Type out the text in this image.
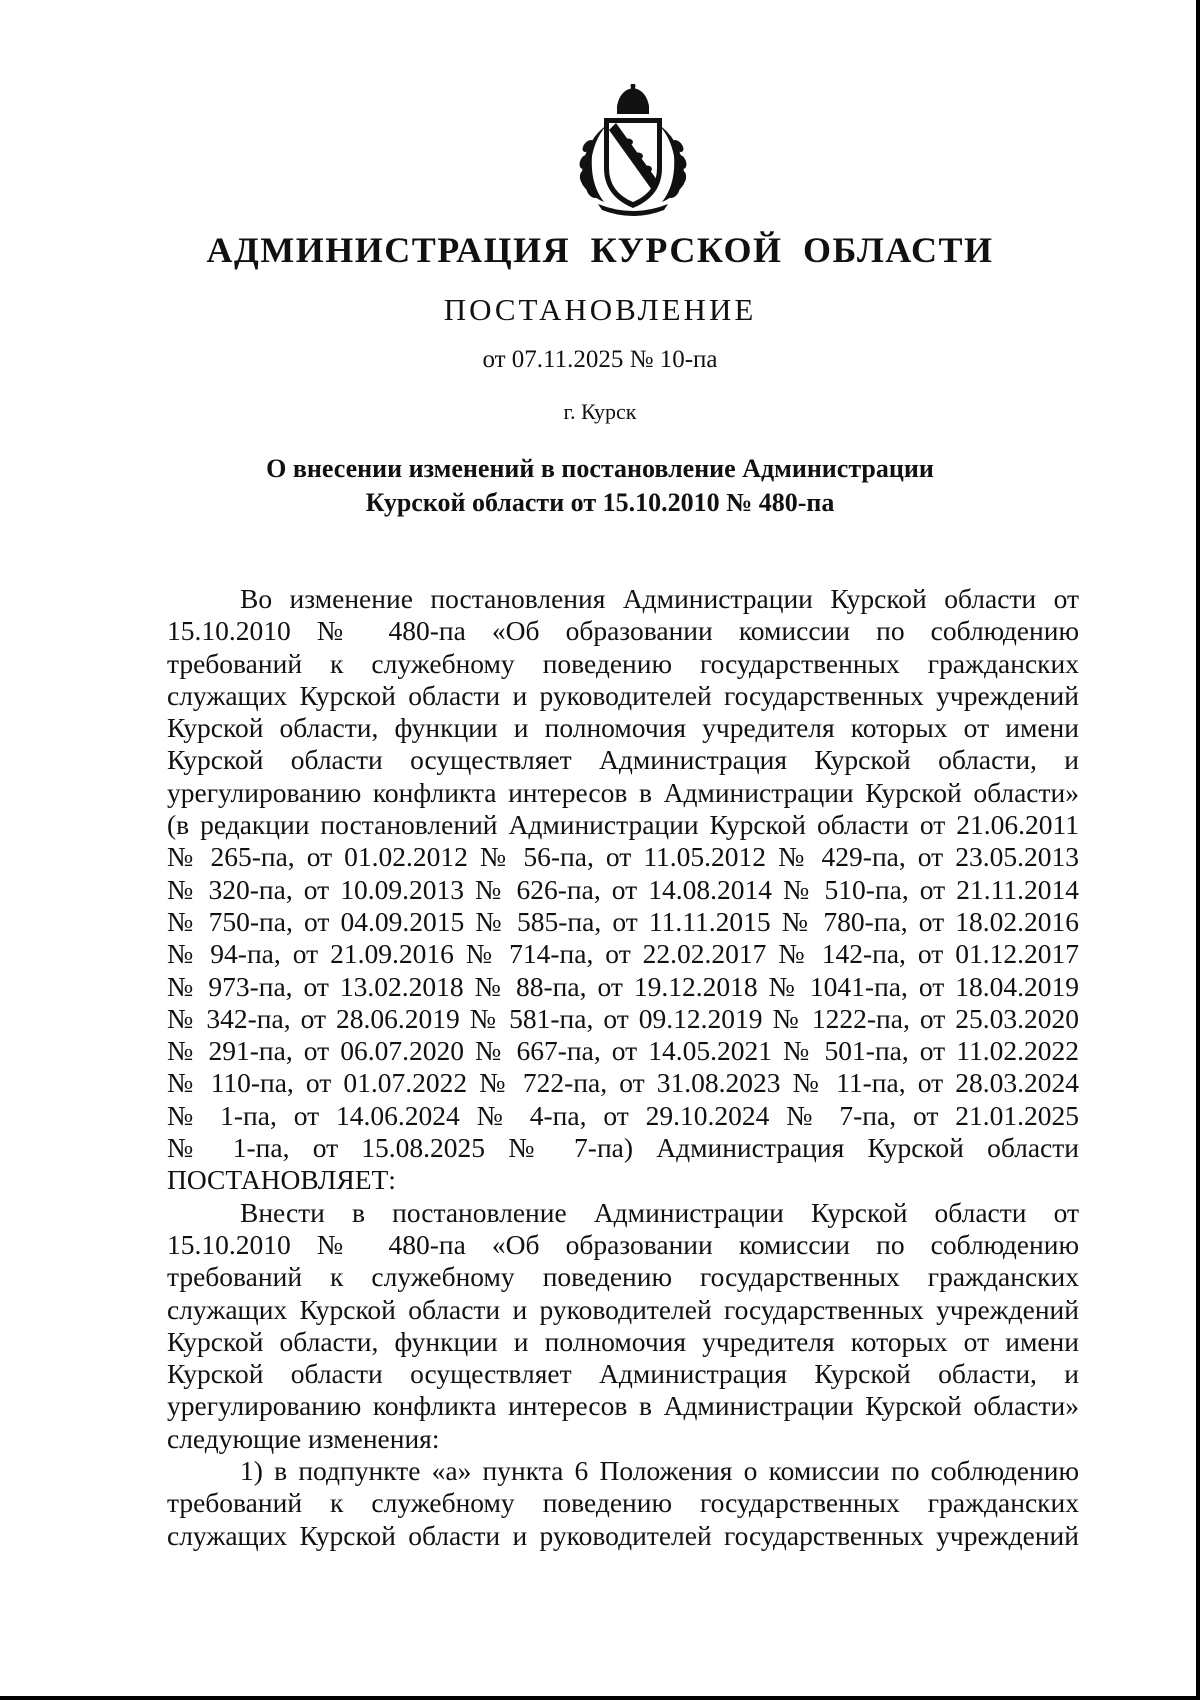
АДМИНИСТРАЦИЯ КУРСКОЙ ОБЛАСТИ
ПОСТАНОВЛЕНИЕ
от 07.11.2025 № 10-па
г. Курск
О внесении изменений в постановление Администрации
Курской области от 15.10.2010 № 480-па
Во изменение постановления Администрации Курской области от
15.10.2010 № 480-па «Об образовании комиссии по соблюдению
требований к служебному поведению государственных гражданских
служащих Курской области и руководителей государственных учреждений
Курской области, функции и полномочия учредителя которых от имени
Курской области осуществляет Администрация Курской области, и
урегулированию конфликта интересов в Администрации Курской области»
(в редакции постановлений Администрации Курской области от 21.06.2011
№ 265-па, от 01.02.2012 № 56-па, от 11.05.2012 № 429-па, от 23.05.2013
№ 320-па, от 10.09.2013 № 626-па, от 14.08.2014 № 510-па, от 21.11.2014
№ 750-па, от 04.09.2015 № 585-па, от 11.11.2015 № 780-па, от 18.02.2016
№ 94-па, от 21.09.2016 № 714-па, от 22.02.2017 № 142-па, от 01.12.2017
№ 973-па, от 13.02.2018 № 88-па, от 19.12.2018 № 1041-па, от 18.04.2019
№ 342-па, от 28.06.2019 № 581-па, от 09.12.2019 № 1222-па, от 25.03.2020
№ 291-па, от 06.07.2020 № 667-па, от 14.05.2021 № 501-па, от 11.02.2022
№ 110-па, от 01.07.2022 № 722-па, от 31.08.2023 № 11-па, от 28.03.2024
№ 1-па, от 14.06.2024 № 4-па, от 29.10.2024 № 7-па, от 21.01.2025
№ 1-па, от 15.08.2025 № 7-па) Администрация Курской области
ПОСТАНОВЛЯЕТ:
Внести в постановление Администрации Курской области от
15.10.2010 № 480-па «Об образовании комиссии по соблюдению
требований к служебному поведению государственных гражданских
служащих Курской области и руководителей государственных учреждений
Курской области, функции и полномочия учредителя которых от имени
Курской области осуществляет Администрация Курской области, и
урегулированию конфликта интересов в Администрации Курской области»
следующие изменения:
1) в подпункте «а» пункта 6 Положения о комиссии по соблюдению
требований к служебному поведению государственных гражданских
служащих Курской области и руководителей государственных учреждений
